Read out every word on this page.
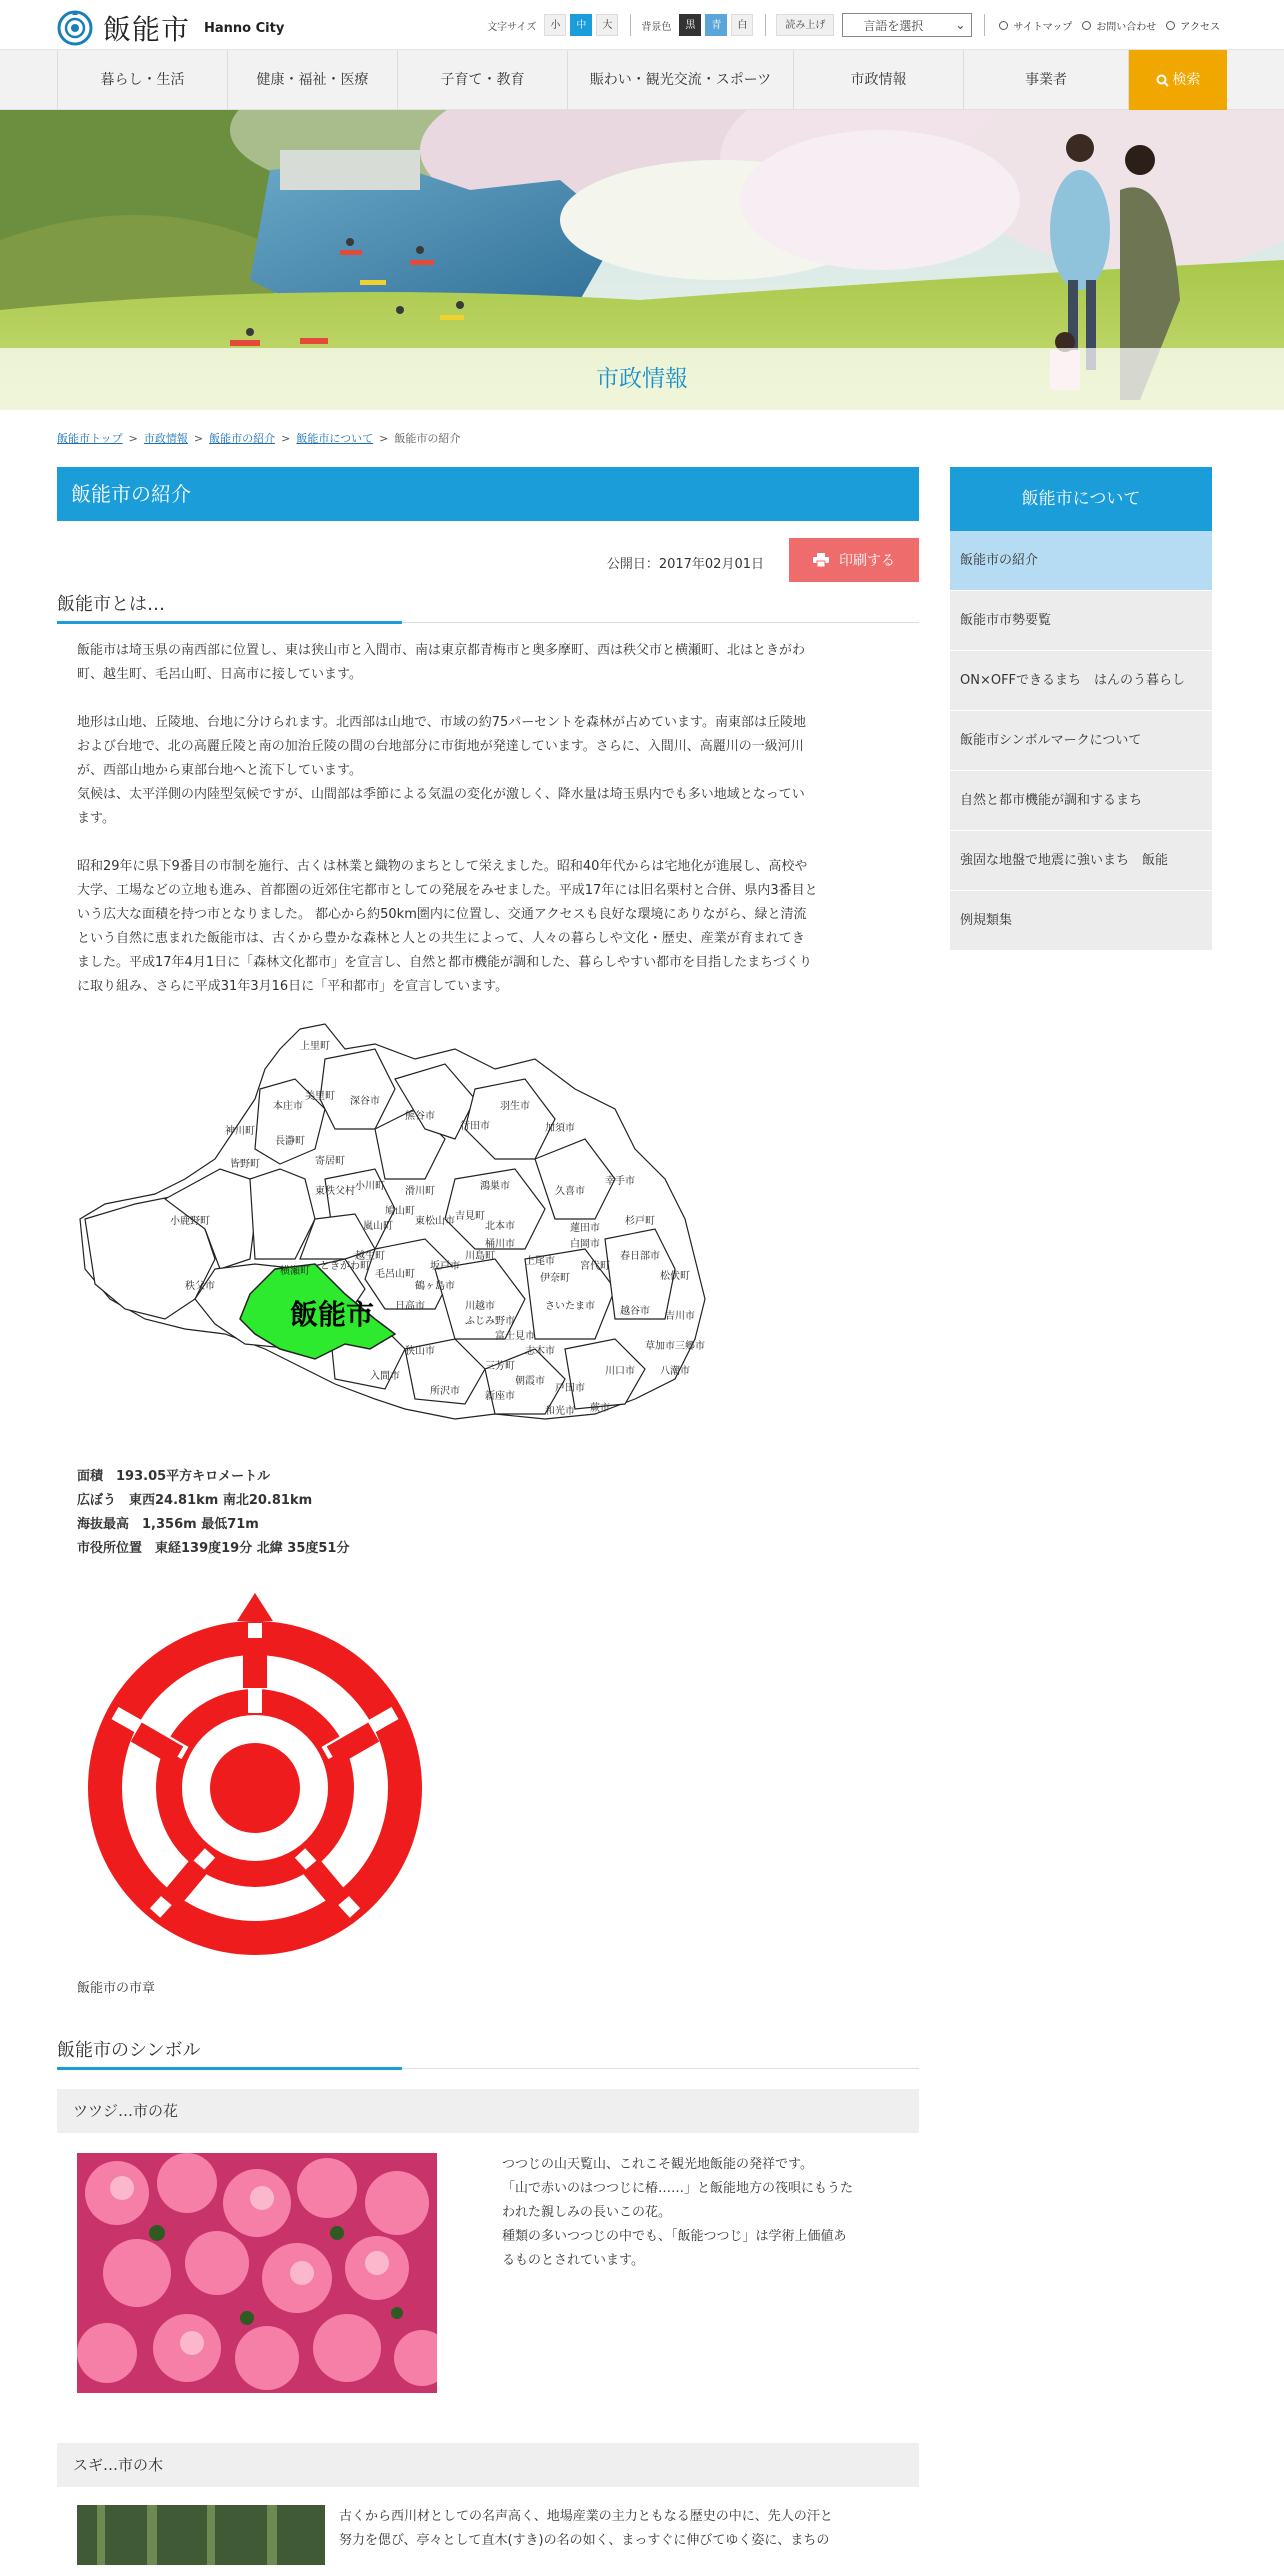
飯能市 Hanno City	文字サイズ	小	中	大	背景色	黒	青	白	読み上げ	言語を選択	⌄	サイトマップ お問い合わせ アクセス
暮らし・生活	健康・福祉・医療	子育て・教育	賑わい・観光交流・スポーツ	市政情報	事業者	検索
市政情報
飯能市トップ > 市政情報 > 飯能市の紹介 > 飯能市について > 飯能市の紹介
飯能市の紹介
公開日：2017年02月01日	印刷する
飯能市とは…
飯能市は埼玉県の南西部に位置し、東は狭山市と入間市、南は東京都青梅市と奥多摩町、西は秩父市と横瀬町、北はときがわ
町、越生町、毛呂山町、日高市に接しています。
地形は山地、丘陵地、台地に分けられます。北西部は山地で、市域の約75パーセントを森林が占めています。南東部は丘陵地
および台地で、北の高麗丘陵と南の加治丘陵の間の台地部分に市街地が発達しています。さらに、入間川、高麗川の一級河川
が、西部山地から東部台地へと流下しています。
気候は、太平洋側の内陸型気候ですが、山間部は季節による気温の変化が激しく、降水量は埼玉県内でも多い地域となってい
ます。
昭和29年に県下9番目の市制を施行、古くは林業と織物のまちとして栄えました。昭和40年代からは宅地化が進展し、高校や
大学、工場などの立地も進み、首都圏の近郊住宅都市としての発展をみせました。平成17年には旧名栗村と合併、県内3番目と
いう広大な面積を持つ市となりました。 都心から約50km圏内に位置し、交通アクセスも良好な環境にありながら、緑と清流
という自然に恵まれた飯能市は、古くから豊かな森林と人との共生によって、人々の暮らしや文化・歴史、産業が育まれてき
ました。平成17年4月1日に「森林文化都市」を宣言し、自然と都市機能が調和した、暮らしやすい都市を目指したまちづくり
に取り組み、さらに平成31年3月16日に「平和都市」を宣言しています。
飯能市
上里町
本庄市
美里町 深谷市
熊谷市
行田市
羽生市
加須市
神川町
長瀞町
寄居町
小鹿野町
皆野町
東秩父村 小川町
嵐山町
滑川町	鴻巣市	久喜市
幸手市
秩父市
横瀬町 ときがわ町
鳩山町
東松山市 吉見町
北本市
桶川市
蓮田市
白岡市
杉戸町
越生町
毛呂山町
坂戸市
鶴ヶ島市
川島町	上尾市
伊奈町
宮代町
春日部市
松伏町
日高市	川越市	さいたま市	越谷市 吉川市
狭山市
ふじみ野市
富士見市
志木市	草加市 三郷市
入間市
所沢市
三芳町
朝霞市
新座市
戸田市
蕨市
川口市	八潮市
和光市
面積　193.05平方キロメートル
広ぼう　東西24.81km 南北20.81km
海抜最高　1,356m 最低71m
市役所位置　東経139度19分 北緯 35度51分
飯能市の市章
飯能市のシンボル
ツツジ…市の花
つつじの山天覧山、これこそ観光地飯能の発祥です。
「山で赤いのはつつじに椿……」と飯能地方の筏唄にもうた
われた親しみの長いこの花。
種類の多いつつじの中でも、「飯能つつじ」は学術上価値あ
るものとされています。
スギ…市の木
古くから西川材としての名声高く、地場産業の主力ともなる歴史の中に、先人の汗と
努力を偲び、亭々として直木(すき)の名の如く、まっすぐに伸びてゆく姿に、まちの
飯能市について
飯能市の紹介
飯能市市勢要覧
ON×OFFできるまち　はんのう暮らし
飯能市シンボルマークについて
自然と都市機能が調和するまち
強固な地盤で地震に強いまち　飯能
例規類集
